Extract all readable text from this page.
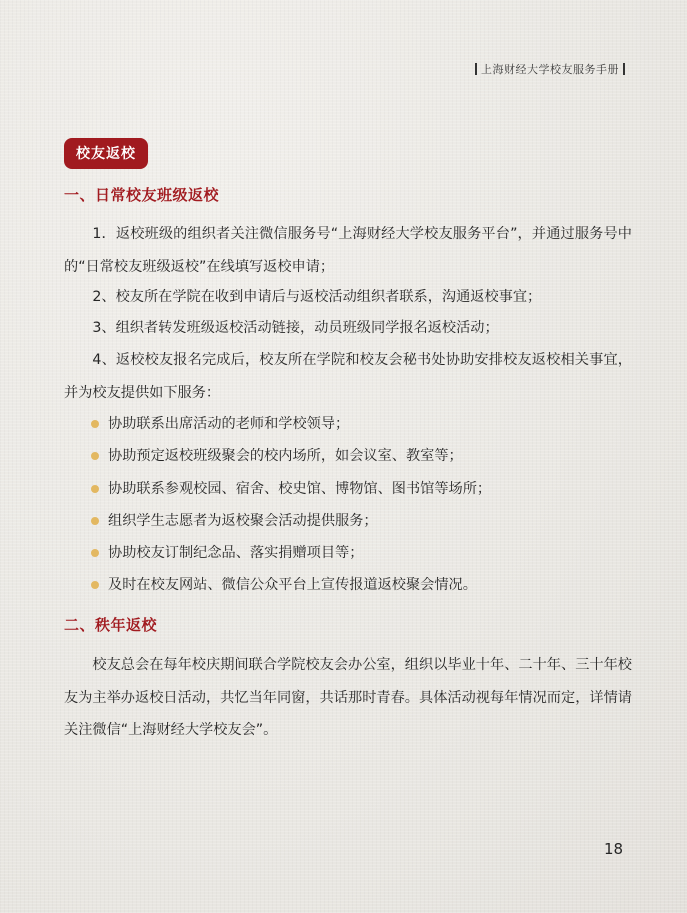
上海财经大学校友服务手册
校友返校
一、日常校友班级返校

1．返校班级的组织者关注微信服务号“上海财经大学校友服务平台”，并通过服务号中的“日常校友班级返校”在线填写返校申请；

2、校友所在学院在收到申请后与返校活动组织者联系，沟通返校事宜；

3、组织者转发班级返校活动链接，动员班级同学报名返校活动；

4、返校校友报名完成后，校友所在学院和校友会秘书处协助安排校友返校相关事宜，并为校友提供如下服务：

协助联系出席活动的老师和学校领导；
协助预定返校班级聚会的校内场所，如会议室、教室等；
协助联系参观校园、宿舍、校史馆、博物馆、图书馆等场所；
组织学生志愿者为返校聚会活动提供服务；
协助校友订制纪念品、落实捐赠项目等；
及时在校友网站、微信公众平台上宣传报道返校聚会情况。
二、秩年返校

校友总会在每年校庆期间联合学院校友会办公室，组织以毕业十年、二十年、三十年校友为主举办返校日活动，共忆当年同窗，共话那时青春。具体活动视每年情况而定，详情请关注微信“上海财经大学校友会”。

18
